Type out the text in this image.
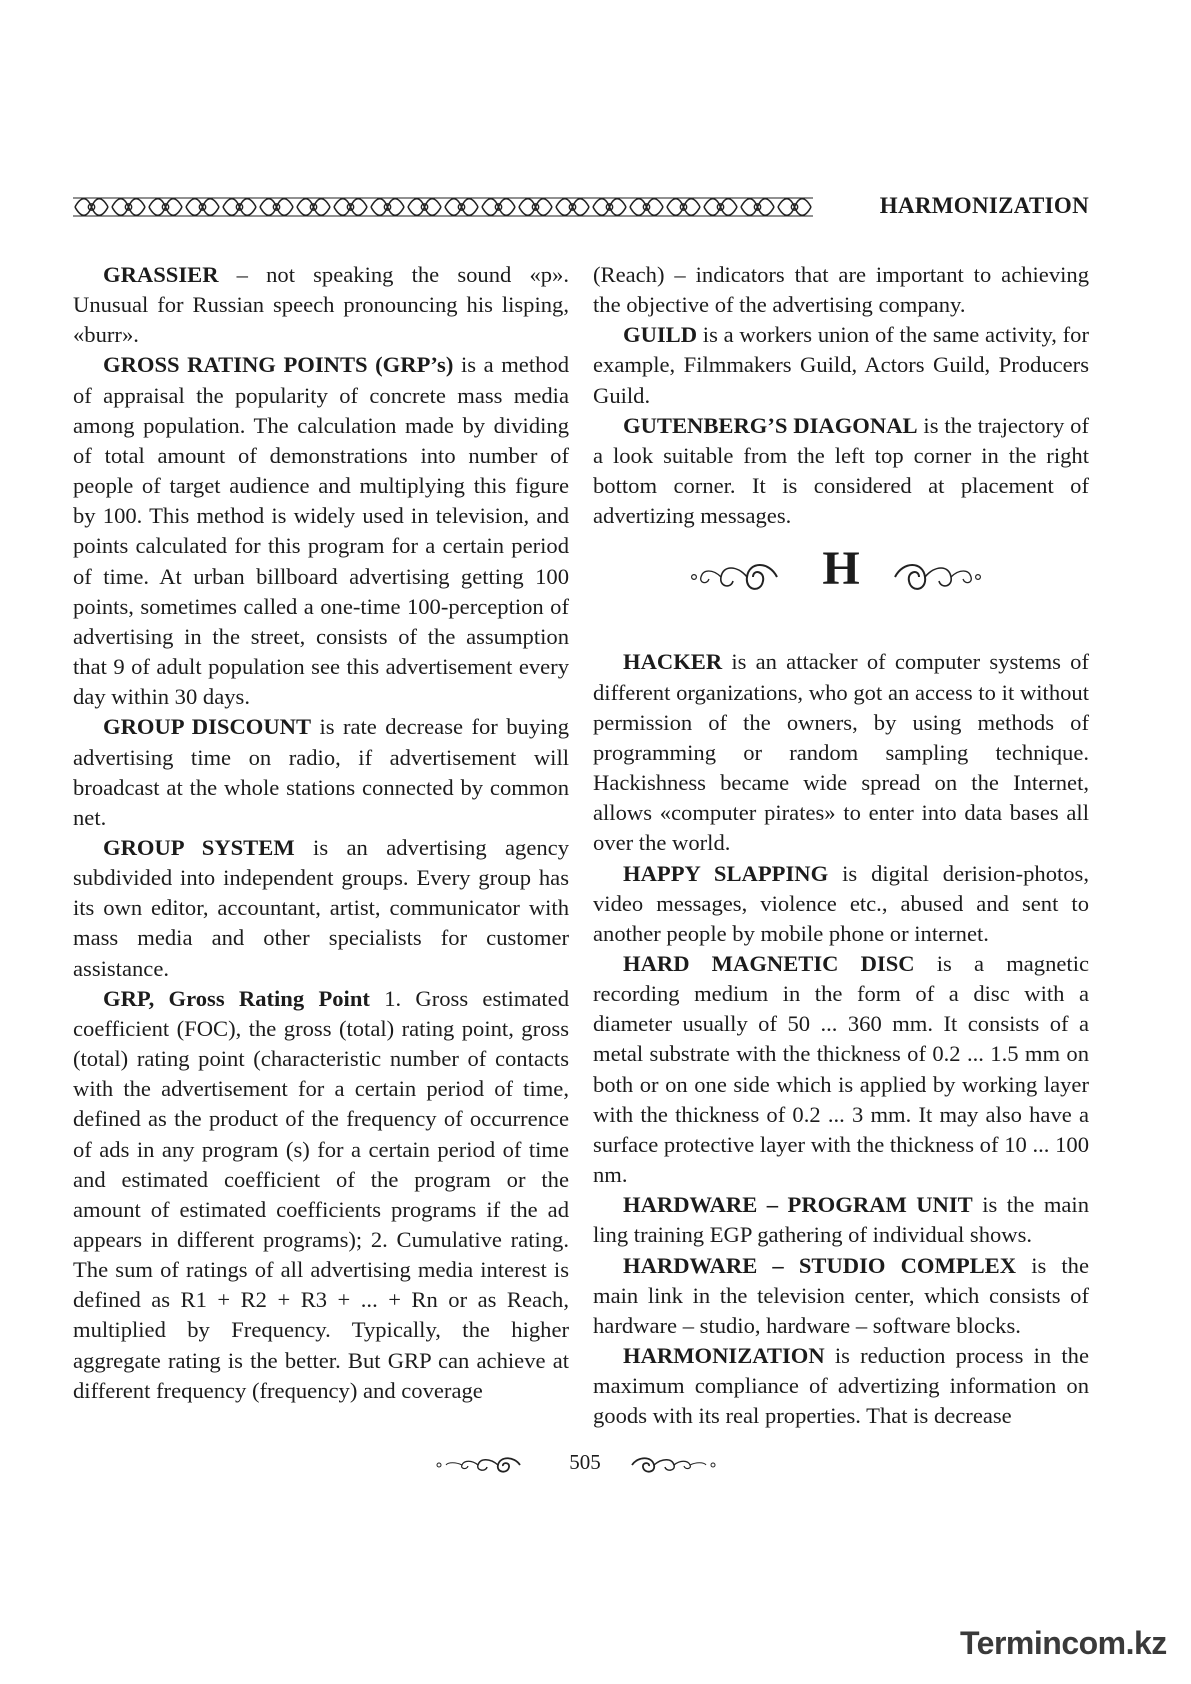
HARMONIZATION

GRASSIER – not speaking the sound «p». Unusual for Russian speech pronouncing his lisping, «burr».

GROSS RATING POINTS (GRP’s) is a method of appraisal the popularity of concrete mass media among population. The calculation made by dividing of total amount of demonstrations into number of people of target audience and multiplying this figure by 100. This method is widely used in television, and points calculated for this program for a certain period of time. At urban billboard advertising getting 100 points, sometimes called a one-time 100-perception of advertising in the street, consists of the assumption that 9 of adult population see this advertisement every day within 30 days.

GROUP DISCOUNT is rate decrease for buying advertising time on radio, if advertisement will broadcast at the whole stations connected by common net.

GROUP SYSTEM is an advertising agency subdivided into independent groups. Every group has its own editor, accountant, artist, communicator with mass media and other specialists for customer assistance.

GRP, Gross Rating Point 1. Gross estimated coefficient (FOC), the gross (total) rating point, gross (total) rating point (characteristic number of contacts with the advertisement for a certain period of time, defined as the product of the frequency of occurrence of ads in any program (s) for a certain period of time and estimated coefficient of the program or the amount of estimated coefficients programs if the ad appears in different programs); 2. Cumulative rating. The sum of ratings of all advertising media interest is defined as R1 + R2 + R3 + ... + Rn or as Reach, multiplied by Frequency. Typically, the higher aggregate rating is the better. But GRP can achieve at different frequency (frequency) and coverage

(Reach) – indicators that are important to achieving the objective of the advertising company.

GUILD is a workers union of the same activity, for example, Filmmakers Guild, Actors Guild, Producers Guild.

GUTENBERG’S DIAGONAL is the trajectory of a look suitable from the left top corner in the right bottom corner. It is considered at placement of advertizing messages.

H

HACKER is an attacker of computer systems of different organizations, who got an access to it without permission of the owners, by using methods of programming or random sampling technique. Hackishness became wide spread on the Internet, allows «computer pirates» to enter into data bases all over the world.

HAPPY SLAPPING is digital derision-photos, video messages, violence etc., abused and sent to another people by mobile phone or internet.

HARD MAGNETIC DISC is a magnetic recording medium in the form of a disc with a diameter usually of 50 ... 360 mm. It consists of a metal substrate with the thickness of 0.2 ... 1.5 mm on both or on one side which is applied by working layer with the thickness of 0.2 ... 3 mm. It may also have a surface protective layer with the thickness of 10 ... 100 nm.

HARDWARE – PROGRAM UNIT is the main ling training EGP gathering of individual shows.

HARDWARE – STUDIO COMPLEX is the main link in the television center, which consists of hardware – studio, hardware – software blocks.

HARMONIZATION is reduction process in the maximum compliance of advertizing information on goods with its real properties. That is decrease

505
Termincom.kz
